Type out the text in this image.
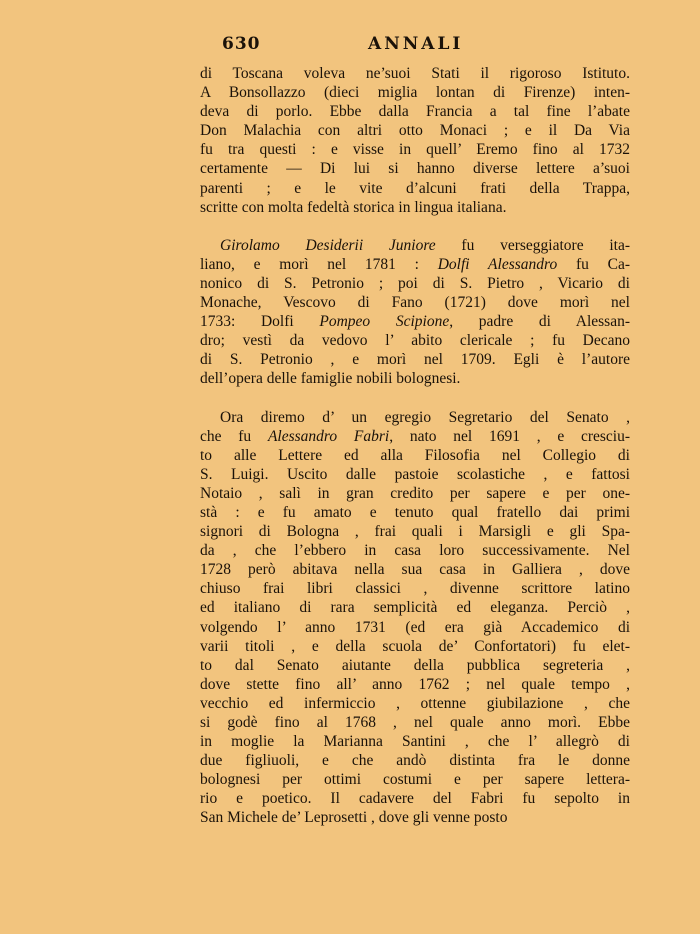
630	ANNALI
di Toscana voleva ne’suoi Stati il rigoroso Istituto.
A Bonsollazzo (dieci miglia lontan di Firenze) inten-
deva di porlo. Ebbe dalla Francia a tal fine l’abate
Don Malachia con altri otto Monaci ; e il Da Via
fu tra questi : e visse in quell’ Eremo fino al 1732
certamente — Di lui si hanno diverse lettere a’suoi
parenti ; e le vite d’alcuni frati della Trappa,
scritte con molta fedeltà storica in lingua italiana.
Girolamo Desiderii Juniore fu verseggiatore ita-
liano, e morì nel 1781 : Dolfi Alessandro fu Ca-
nonico di S. Petronio ; poi di S. Pietro , Vicario di
Monache, Vescovo di Fano (1721) dove morì nel
1733: Dolfi Pompeo Scipione, padre di Alessan-
dro; vestì da vedovo l’ abito clericale ; fu Decano
di S. Petronio , e morì nel 1709. Egli è l’autore
dell’opera delle famiglie nobili bolognesi.
Ora diremo d’ un egregio Segretario del Senato ,
che fu Alessandro Fabri, nato nel 1691 , e cresciu-
to alle Lettere ed alla Filosofia nel Collegio di
S. Luigi. Uscito dalle pastoie scolastiche , e fattosi
Notaio , salì in gran credito per sapere e per one-
stà : e fu amato e tenuto qual fratello dai primi
signori di Bologna , frai quali i Marsigli e gli Spa-
da , che l’ebbero in casa loro successivamente. Nel
1728 però abitava nella sua casa in Galliera , dove
chiuso frai libri classici , divenne scrittore latino
ed italiano di rara semplicità ed eleganza. Perciò ,
volgendo l’ anno 1731 (ed era già Accademico di
varii titoli , e della scuola de’ Confortatori) fu elet-
to dal Senato aiutante della pubblica segreteria ,
dove stette fino all’ anno 1762 ; nel quale tempo ,
vecchio ed infermiccio , ottenne giubilazione , che
si godè fino al 1768 , nel quale anno morì. Ebbe
in moglie la Marianna Santini , che l’ allegrò di
due figliuoli, e che andò distinta fra le donne
bolognesi per ottimi costumi e per sapere lettera-
rio e poetico. Il cadavere del Fabri fu sepolto in
San Michele de’ Leprosetti , dove gli venne posto
